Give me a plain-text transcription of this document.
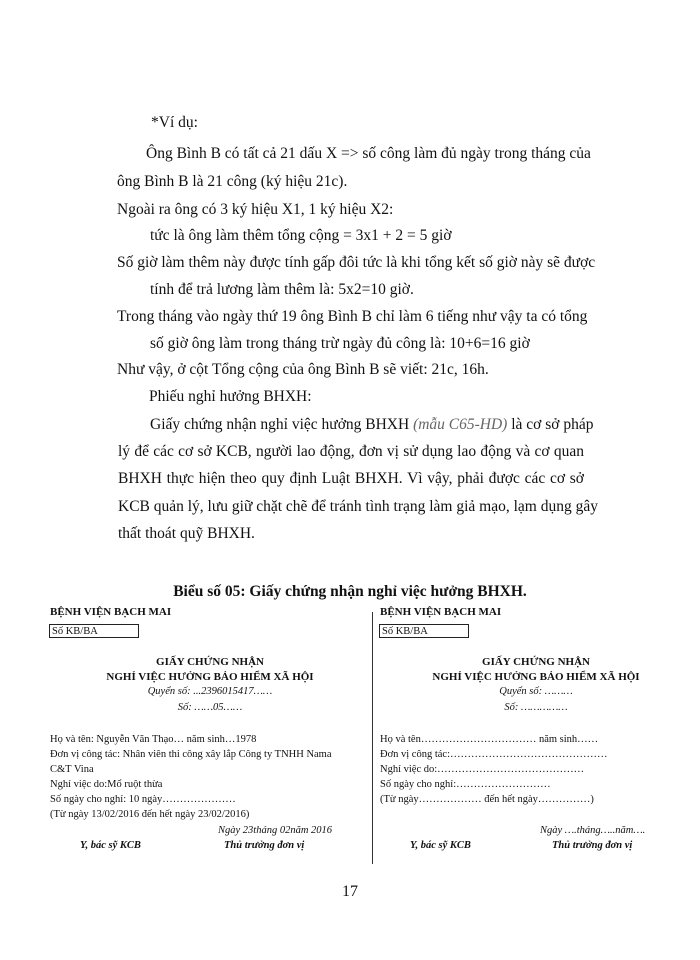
*Ví dụ:
Ông Bình B có tất cả 21 dấu X => số công làm đủ ngày trong tháng của
ông Bình B là 21 công (ký hiệu 21c).
Ngoài ra ông có 3 ký hiệu X1, 1 ký hiệu X2:
tức là ông làm thêm tổng cộng = 3x1 + 2 = 5 giờ
Số giờ làm thêm này được tính gấp đôi tức là khi tổng kết số giờ này sẽ được
tính để trả lương làm thêm là: 5x2=10 giờ.
Trong tháng vào ngày thứ 19 ông Bình B chỉ làm 6 tiếng như vậy ta có tổng
số giờ ông làm trong tháng trừ ngày đủ công là: 10+6=16 giờ
Như vậy, ở cột Tổng cộng của ông Bình B sẽ viết: 21c, 16h.
Phiếu nghỉ hưởng BHXH:
Giấy chứng nhận nghỉ việc hưởng BHXH (mẫu C65-HD) là cơ sở pháp
lý để các cơ sở KCB, người lao động, đơn vị sử dụng lao động và cơ quan
BHXH thực hiện theo quy định Luật BHXH. Vì vậy, phải được các cơ sở
KCB quản lý, lưu giữ chặt chẽ để tránh tình trạng làm giả mạo, lạm dụng gây
thất thoát quỹ BHXH.
Biểu số 05: Giấy chứng nhận nghỉ việc hưởng BHXH.
BỆNH VIỆN BẠCH MAI
Số KB/BA
GIẤY CHỨNG NHẬN
NGHỈ VIỆC HƯỞNG BẢO HIỂM XÃ HỘI
Quyển số: ...2396015417……
Số: ……05……
Họ và tên: Nguyễn Văn Thạo… năm sinh…1978
Đơn vị công tác: Nhân viên thi công xây lắp Công ty TNHH Nama
C&T Vina
Nghỉ việc do:Mổ ruột thừa
Số ngày cho nghỉ: 10 ngày…………………
(Từ ngày 13/02/2016 đến hết ngày 23/02/2016)
Ngày 23tháng 02năm 2016
Y, bác sỹ KCB	Thủ trưởng đơn vị
BỆNH VIỆN BẠCH MAI
Số KB/BA
GIẤY CHỨNG NHẬN
NGHỈ VIỆC HƯỞNG BẢO HIỂM XÃ HỘI
Quyển số: ………
Số: ……………
Họ và tên…………………………… năm sinh……
Đơn vị công tác:………………………………………
Nghỉ việc do:……………………………………
Số ngày cho nghỉ:………………………
(Từ ngày……………… đến hết ngày……………)
Ngày ….tháng…..năm….
Y, bác sỹ KCB	Thủ trưởng đơn vị
17
